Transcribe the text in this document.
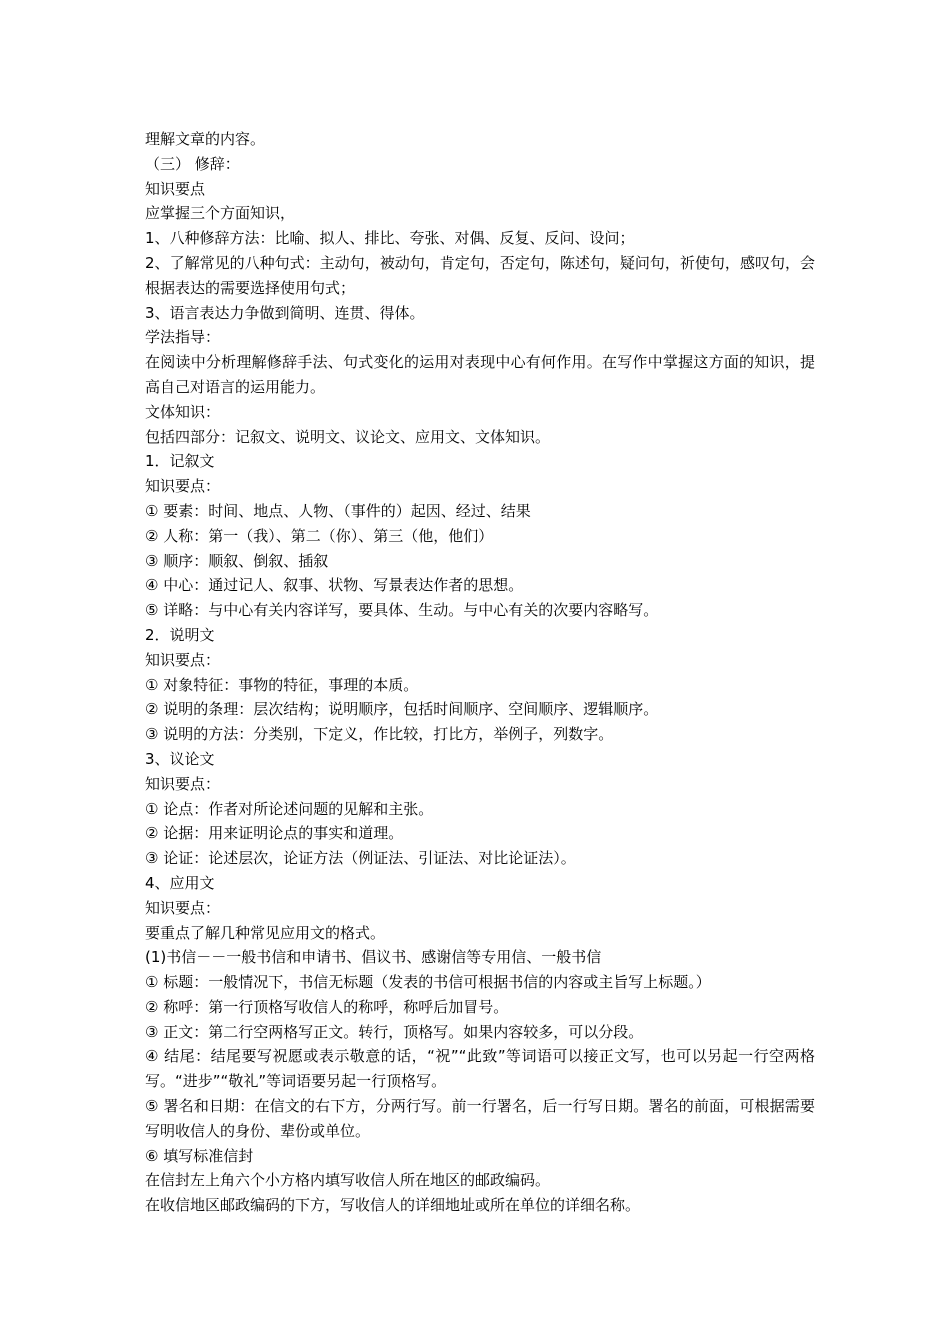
理解文章的内容。
（三） 修辞：
知识要点
应掌握三个方面知识，
1、八种修辞方法：比喻、拟人、排比、夸张、对偶、反复、反问、设问；
2、了解常见的八种句式：主动句，被动句，肯定句，否定句，陈述句，疑问句，祈使句，感叹句，会根据表达的需要选择使用句式；
3、语言表达力争做到简明、连贯、得体。
学法指导：
在阅读中分析理解修辞手法、句式变化的运用对表现中心有何作用。在写作中掌握这方面的知识，提高自己对语言的运用能力。
文体知识：
包括四部分：记叙文、说明文、议论文、应用文、文体知识。
1．记叙文
知识要点：
① 要素：时间、地点、人物、（事件的）起因、经过、结果
② 人称：第一（我）、第二（你）、第三（他，他们）
③ 顺序：顺叙、倒叙、插叙
④ 中心：通过记人、叙事、状物、写景表达作者的思想。
⑤ 详略：与中心有关内容详写，要具体、生动。与中心有关的次要内容略写。
2．说明文
知识要点：
① 对象特征：事物的特征，事理的本质。
② 说明的条理：层次结构；说明顺序，包括时间顺序、空间顺序、逻辑顺序。
③ 说明的方法：分类别，下定义，作比较，打比方，举例子，列数字。
3、议论文
知识要点：
① 论点：作者对所论述问题的见解和主张。
② 论据：用来证明论点的事实和道理。
③ 论证：论述层次，论证方法（例证法、引证法、对比论证法）。
4、应用文
知识要点：
要重点了解几种常见应用文的格式。
(1)书信－－一般书信和申请书、倡议书、感谢信等专用信、一般书信
① 标题：一般情况下，书信无标题（发表的书信可根据书信的内容或主旨写上标题。）
② 称呼：第一行顶格写收信人的称呼，称呼后加冒号。
③ 正文：第二行空两格写正文。转行，顶格写。如果内容较多，可以分段。
④ 结尾：结尾要写祝愿或表示敬意的话，“祝”“此致”等词语可以接正文写，也可以另起一行空两格写。“进步”“敬礼”等词语要另起一行顶格写。
⑤ 署名和日期：在信文的右下方，分两行写。前一行署名，后一行写日期。署名的前面，可根据需要写明收信人的身份、辈份或单位。
⑥ 填写标准信封
在信封左上角六个小方格内填写收信人所在地区的邮政编码。
在收信地区邮政编码的下方，写收信人的详细地址或所在单位的详细名称。
